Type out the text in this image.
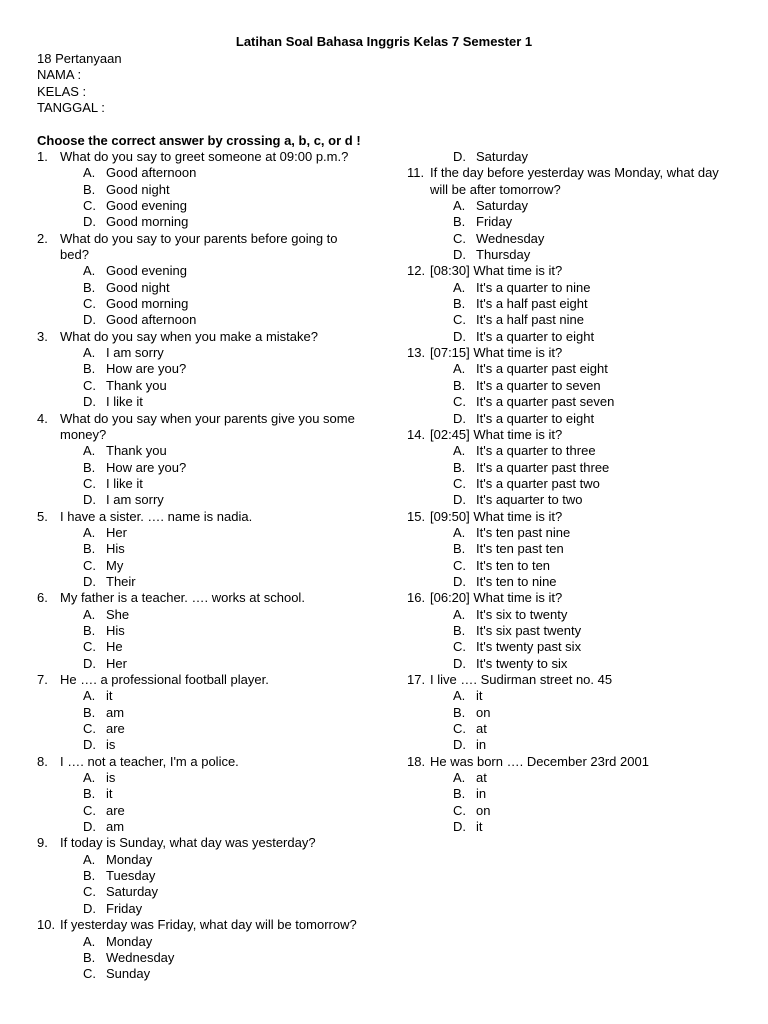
Latihan Soal Bahasa Inggris Kelas 7 Semester 1
18 Pertanyaan
NAMA :
KELAS :
TANGGAL :
Choose the correct answer by crossing a, b, c, or d !
1. What do you say to greet someone at 09:00 p.m.?
A. Good afternoon
B. Good night
C. Good evening
D. Good morning
2. What do you say to your parents before going to
bed?
A. Good evening
B. Good night
C. Good morning
D. Good afternoon
3. What do you say when you make a mistake?
A. I am sorry
B. How are you?
C. Thank you
D. I like it
4. What do you say when your parents give you some
money?
A. Thank you
B. How are you?
C. I like it
D. I am sorry
5. I have a sister. …. name is nadia.
A. Her
B. His
C. My
D. Their
6. My father is a teacher. …. works at school.
A. She
B. His
C. He
D. Her
7. He …. a professional football player.
A. it
B. am
C. are
D. is
8. I …. not a teacher, I'm a police.
A. is
B. it
C. are
D. am
9. If today is Sunday, what day was yesterday?
A. Monday
B. Tuesday
C. Saturday
D. Friday
10. If yesterday was Friday, what day will be tomorrow?
A. Monday
B. Wednesday
C. Sunday
D. Saturday
11. If the day before yesterday was Monday, what day
will be after tomorrow?
A. Saturday
B. Friday
C. Wednesday
D. Thursday
12. [08:30] What time is it?
A. It's a quarter to nine
B. It's a half past eight
C. It's a half past nine
D. It's a quarter to eight
13. [07:15] What time is it?
A. It's a quarter past eight
B. It's a quarter to seven
C. It's a quarter past seven
D. It's a quarter to eight
14. [02:45] What time is it?
A. It's a quarter to three
B. It's a quarter past three
C. It's a quarter past two
D. It's aquarter to two
15. [09:50] What time is it?
A. It's ten past nine
B. It's ten past ten
C. It's ten to ten
D. It's ten to nine
16. [06:20] What time is it?
A. It's six to twenty
B. It's six past twenty
C. It's twenty past six
D. It's twenty to six
17. I live …. Sudirman street no. 45
A. it
B. on
C. at
D. in
18. He was born …. December 23rd 2001
A. at
B. in
C. on
D. it
